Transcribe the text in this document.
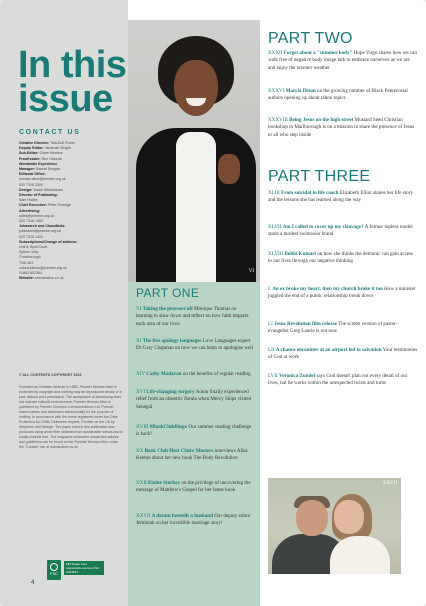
In this
issue
CONTACT US
Creative Director: Tola-Doll Fisher
Deputy Editor: Jemimah Wright
Sub-Editor: Claire Musters
Proofreader: Rev Obiorah
Worldwide Experience
Manager: Rachel Bergart
Editorial Office:
woman.alive@premier.org.uk
020 7316 1300
Design: Sarah Wheelbeam
Director of Publishing:
Sam Hailes
Chief Executive: Peter Kerridge
Advertising:
sales@premier.org.uk
020 7316 1300
Jobsearch and Classifieds:
jobsearch@premier.org.uk
020 7316 1300
Subscriptions/Change of address:
Unit 6, April Court
Sybron Way
Crowborough
TN6 3DZ
subscriptions@premier.org.uk
01892 652364
Website: womanalive.co.uk
© ALL CONTENTS COPYRIGHT 2023
Founded as Christian Woman in 1982, Premier Woman Alive is protected by copyright and nothing may be reproduced wholly or in part, without prior permission. The acceptance of advertising does not indicate editorial endorsement. Premier Woman Alive is published by Premier Christian Communications Ltd. Premier draws names and addresses electronically for the purpose of mailing. In accordance with the terms registered under the Data Protection Act 1998, Deliveries request, Premier on the UK by Stephens and George. The paper used in this publication was produced using wood fibre obtained from sustainable forests and is totally chlorine free. The magazine welcomes unsolicited articles and guidelines can be found on the Premier Woman Alive under the "Contact" tab at womanalive.co.uk
FSC
MIX Paper from responsible sources FSC C019817
4
VI
PART ONE
VI Taking the pressure off Monique Thomas on learning to slow down and reflect on how faith impacts each area of our lives
XI The five apology languages Love Languages expert Dr Gary Chapman on how we can learn to apologise well
XIV Cathy Madavan on the benefits of regular reading
XVI Life-changing surgery Aotou finally experienced relief from an obstetric fistula when Mercy Ships visited Senegal
XVIII #BookClubBingo Our summer reading challenge is back!
XX Book Club Host Claire Musters interviews Alisa Keeton about her new book The Body Revolution
XXII Elaine Storkey on the privilege of uncovering the message of Matthew's Gospel for her latest book
XXVII A dream foretells a husband Our deputy editor Jemimah on her incredible marriage story!
PART TWO
XXXII Forget about a "summer body" Hope Virgo shares how we can walk free of negative body image talk to embrace ourselves as we are and enjoy the warmer weather
XXXVI Marcia Dixon on the growing number of Black Pentecostal authors opening up about taboo topics
XXXVIII Being Jesus on the high street Mustard Seed Christian bookshop in Marlborough is on a mission to share the presence of Jesus to all who step inside
PART THREE
XLIII From suicidal to life coach Elizabeth Elliot shares her life story and the lessons she has learned along the way
XLVII Am I called to cover up my cleavage? A former topless model starts a modest swimwear brand
XLVIII Bobbi Kumari on how she thinks the demonic can gain access to our lives through our negative thinking
L An ex broke my heart, then my church broke it too How a minister juggled the end of a public relationship break down
LI Jesus Revolution film release The screen version of pastor-evangelist Greg Laurie is out now
LII A chance encounter at an airport led to salvation Your testimonies of God at work
LVII Veronica Zundel says God doesn't plan out every detail of our lives, but he works within the unexpected twists and turns
XXVII
